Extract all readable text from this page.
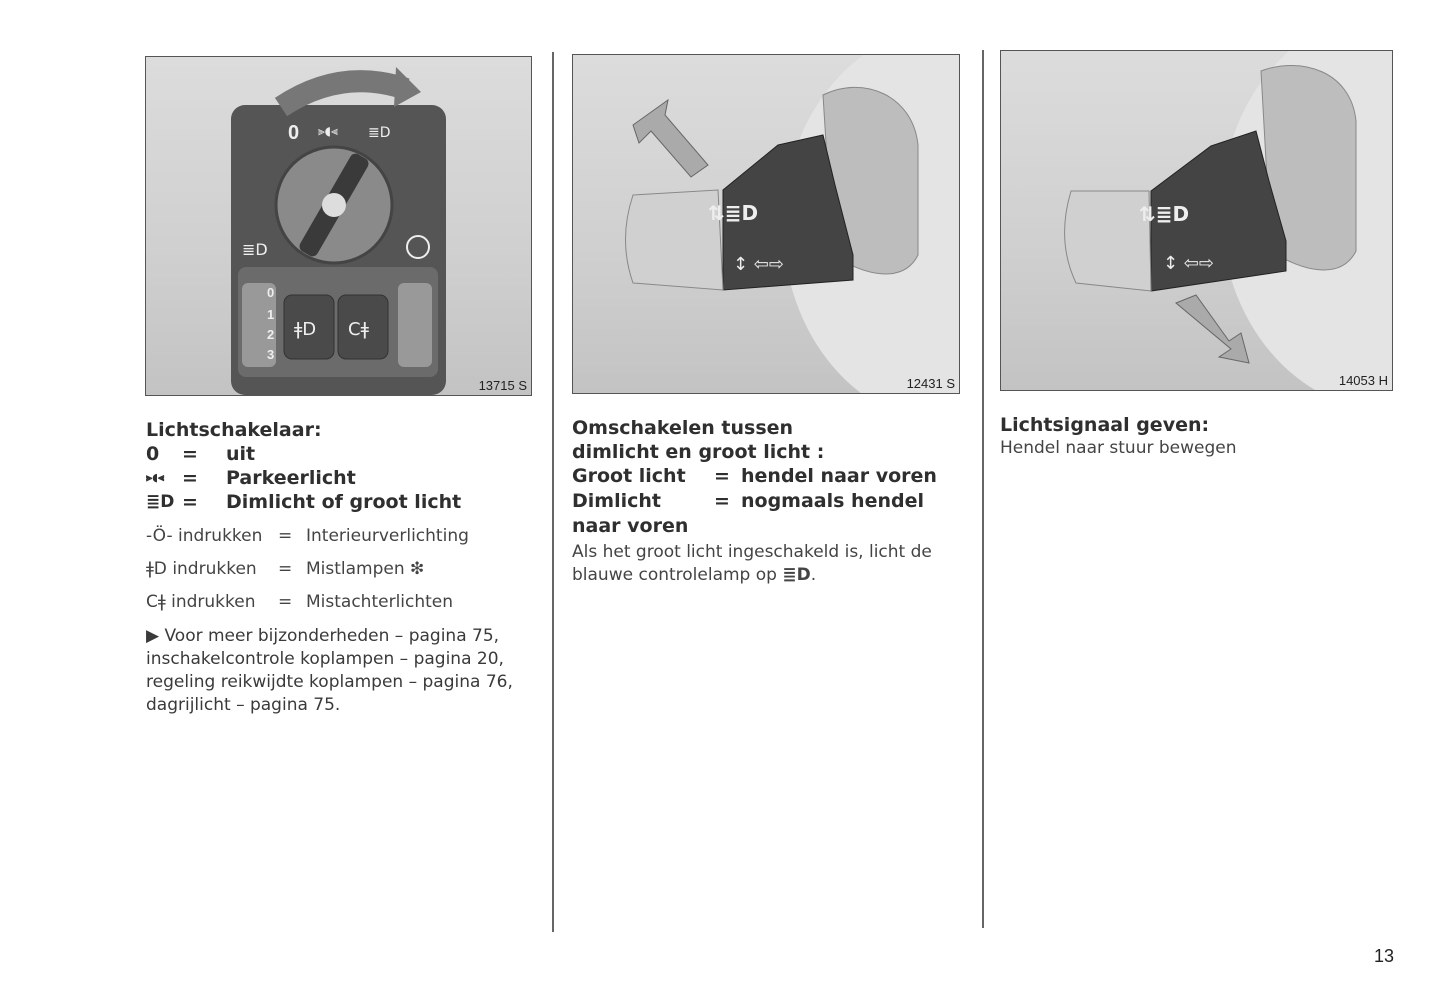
0 ⫸◖⫷ ≣D
≣D
0
1
2
3
ǂD Cǂ
13715 S
⇅≣D
↕ ⇦⇨
12431 S
⇅≣D
↕ ⇦⇨
14053 H
Lichtschakelaar:
0	=	uit
⫸◖⫷ =	Parkeerlicht
≣D =	Dimlicht of groot licht
-Ö- indrukken = Interieurverlichting
ǂD indrukken	= Mistlampen
❇
Cǂ indrukken	= Mistachterlichten
▶ Voor meer bijzonderheden – pagina 75,
inschakelcontrole koplampen – pagina 20,
regeling reikwijdte koplampen – pagina 76,
dagrijlicht – pagina 75.
Omschakelen tussen
dimlicht en groot licht :
Groot licht	= hendel naar voren
Dimlicht	= nogmaals hendel
naar voren
Als het groot licht ingeschakeld is, licht de
blauwe controlelamp op ≣D.
Lichtsignaal geven:
Hendel naar stuur bewegen
13
